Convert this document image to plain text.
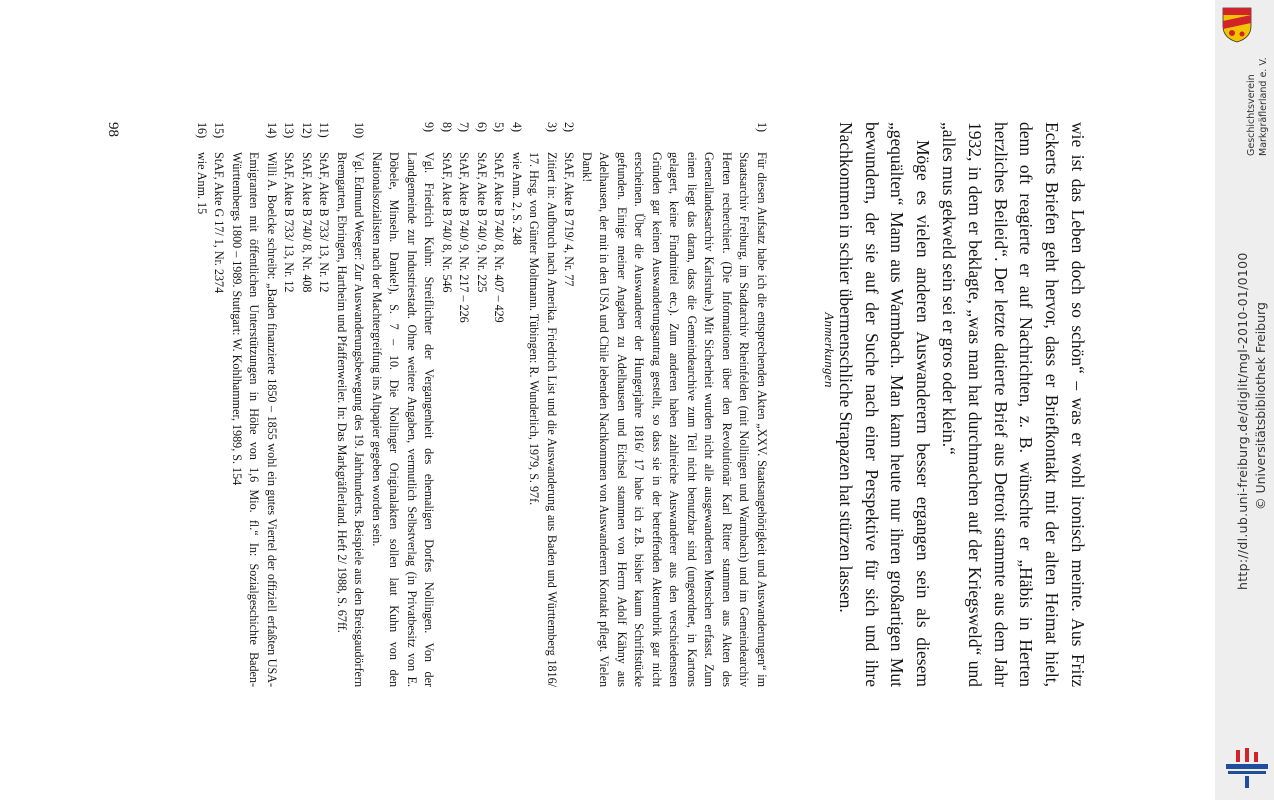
wie ist das Leben doch so schön“ – was er wohl ironisch meinte. Aus Fritz Eckerts Briefen geht hervor, dass er Briefkontakt mit der alten Heimat hielt, denn oft reagierte er auf Nachrichten, z. B. wünschte er „Häbis in Herten herzliches Beileid“. Der letzte datierte Brief aus Detroit stammte aus dem Jahr 1932, in dem er beklagte, „was man hat durchmachen auf der Kriegsweld“ und „alles mus gekweld sein sei er gros oder klein.“

Möge es vielen anderen Auswanderern besser ergangen sein als diesem „gequälten“ Mann aus Warmbach. Man kann heute nur ihren großartigen Mut bewundern, der sie auf der Suche nach einer Perspektive für sich und ihre Nachkommen in schier übermenschliche Strapazen hat stürzen lassen.

Anmerkungen
1)
Für diesen Aufsatz habe ich die entsprechenden Akten „XXV. Staatsangehörigkeit und Auswanderungen“ im Staatsarchiv Freiburg, im Stadtarchiv Rheinfelden (mit Nollingen und Warmbach) und im Gemeindearchiv Herten recherchiert. (Die Informationen über den Revolutionär Karl Ritter stammen aus Akten des Generallandesarchiv Karlsruhe.) Mit Sicherheit wurden nicht alle ausgewanderten Menschen erfasst. Zum einen liegt das daran, dass die Gemeindearchive zum Teil nicht benutzbar sind (ungeordnet, in Kartons gelagert, keine Findmittel etc.). Zum anderen haben zahlreiche Auswanderer aus den verschiedensten Gründen gar keinen Auswanderungsantrag gestellt, so dass sie in der betreffenden Aktenrubrik gar nicht erscheinen. Über die Auswanderer der Hungerjahre 1816/ 17 habe ich z.B. bisher kaum Schriftstücke gefunden. Einige meiner Angaben zu Adelhausen und Eichsel stammen von Herrn Adolf Kähny aus Adelhausen, der mit in den USA und Chile lebenden Nachkommen von Auswanderern Kontakt pflegt. Vielen Dank!
2)
StAF, Akte B 719/ 4, Nr. 77
3)
Zitiert in: Aufbruch nach Amerika. Friedrich List und die Auswanderung aus Baden und Württemberg 1816/ 17. Hrsg. von Günter Moltmann. Tübingen: R. Wunderlich, 1979, S. 97f.
4)
wie Anm. 2, S. 248
5)
StAF, Akte B 740/ 8, Nr. 407 – 429
6)
StAF, Akte B 740/ 9, Nr. 225
7)
StAF, Akte B 740/ 9, Nr. 217 – 226
8)
StAF, Akte B 740/ 8, Nr. 546
9)
Vgl. Friedrich Kuhn: Streiflichter der Vergangenheit des ehemaligen Dorfes Nollingen. Von der Landgemeinde zur Industriestadt. Ohne weitere Angaben, vermutlich Selbstverlag (in Privatbesitz von E. Döbele, Minseln. Danke!), S. 7 – 10. Die Nollinger Originalakten sollen laut Kuhn von den Nationalsozialisten nach der Machtergreifung ins Altpapier gegeben worden sein.
10)
Vgl. Edmund Weeger: Zur Auswanderungsbewegung des 19. Jahrhunderts. Beispiele aus den Breisgaudörfern Bremgarten, Ebringen, Hartheim und Pfaffenweiler. In: Das Markgräflerland. Heft 2/ 1988, S. 67ff.
11)
StAF, Akte B 733/ 13, Nr. 12
12)
StAF, Akte B 740/ 8, Nr. 408
13)
StAF, Akte B 733/ 13, Nr. 12
14)
Willi A. Boelcke schreibt: „Baden finanzierte 1850 – 1855 wohl ein gutes Viertel der offiziell erfaßten USA-Emigranten mit öffentlichen Unterstützungen in Höhe von 1,6 Mio. fl.“ In: Sozialgeschichte Baden-Württembergs 1800 – 1989. Stuttgart: W. Kohlhammer, 1989, S. 154
15)
StAF, Akte G 17/ 1, Nr. 2374
16)
wie Anm. 15
98	Geschichtsverein Markgräflerland e. V.
http://dl.ub.uni-freiburg.de/diglit/mgl-2010-01/0100 © Universitätsbibliothek Freiburg
